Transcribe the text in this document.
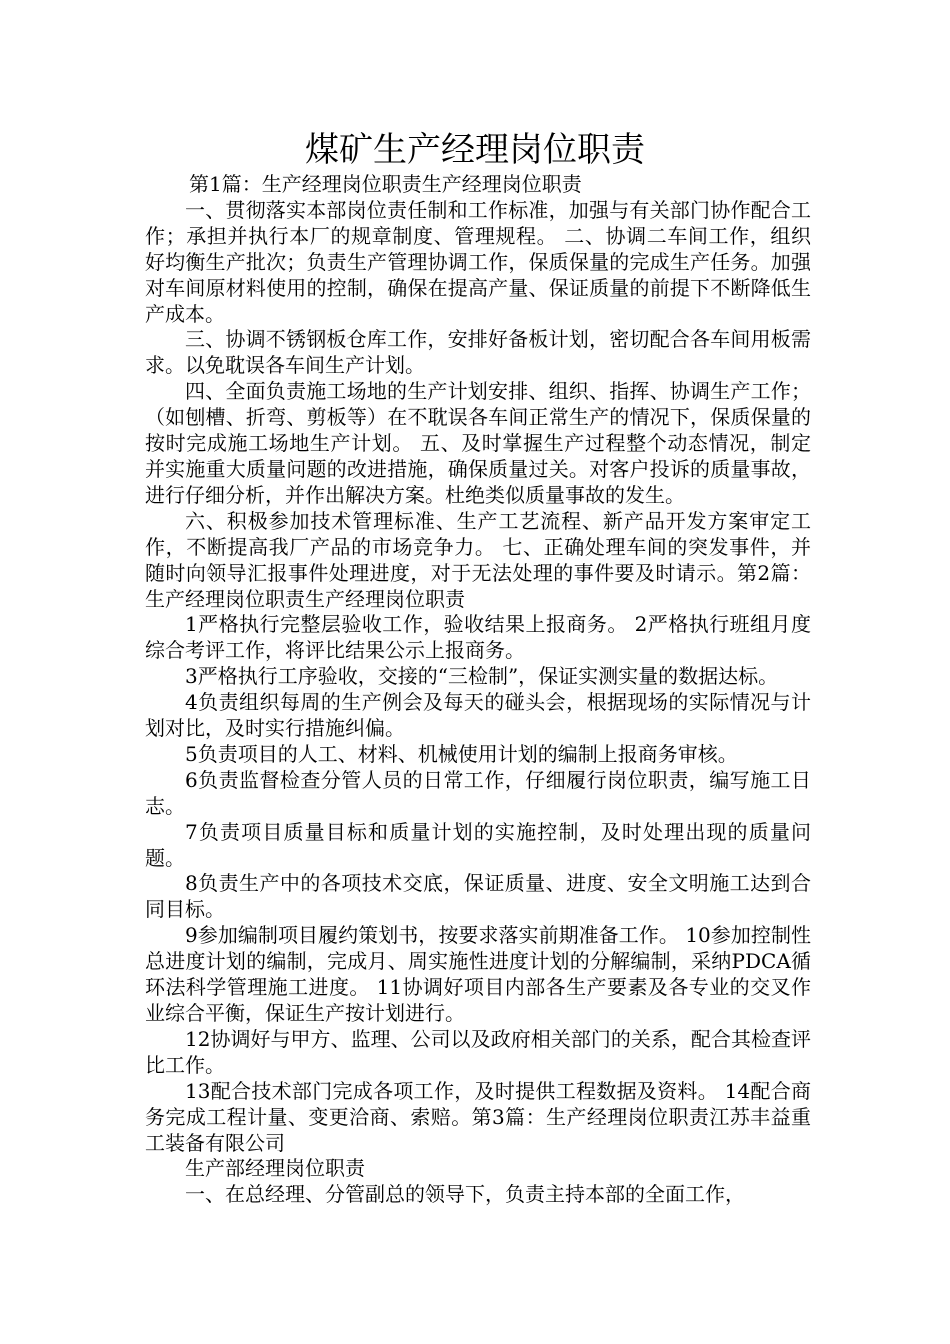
煤矿生产经理岗位职责

第1篇：生产经理岗位职责生产经理岗位职责

一、贯彻落实本部岗位责任制和工作标准，加强与有关部门协作配合工作；承担并执行本厂的规章制度、管理规程。 二、协调二车间工作，组织好均衡生产批次；负责生产管理协调工作，保质保量的完成生产任务。加强对车间原材料使用的控制，确保在提高产量、保证质量的前提下不断降低生产成本。

三、协调不锈钢板仓库工作，安排好备板计划，密切配合各车间用板需求。以免耽误各车间生产计划。

四、全面负责施工场地的生产计划安排、组织、指挥、协调生产工作；（如刨槽、折弯、剪板等）在不耽误各车间正常生产的情况下，保质保量的按时完成施工场地生产计划。 五、及时掌握生产过程整个动态情况，制定并实施重大质量问题的改进措施，确保质量过关。对客户投诉的质量事故，进行仔细分析，并作出解决方案。杜绝类似质量事故的发生。

六、积极参加技术管理标准、生产工艺流程、新产品开发方案审定工作，不断提高我厂产品的市场竞争力。 七、正确处理车间的突发事件，并随时向领导汇报事件处理进度，对于无法处理的事件要及时请示。第2篇：生产经理岗位职责生产经理岗位职责

1严格执行完整层验收工作，验收结果上报商务。 2严格执行班组月度综合考评工作，将评比结果公示上报商务。

3严格执行工序验收，交接的“三检制”，保证实测实量的数据达标。

4负责组织每周的生产例会及每天的碰头会，根据现场的实际情况与计划对比，及时实行措施纠偏。

5负责项目的人工、材料、机械使用计划的编制上报商务审核。

6负责监督检查分管人员的日常工作，仔细履行岗位职责，编写施工日志。

7负责项目质量目标和质量计划的实施控制，及时处理出现的质量问题。

8负责生产中的各项技术交底，保证质量、进度、安全文明施工达到合同目标。

9参加编制项目履约策划书，按要求落实前期准备工作。 10参加控制性总进度计划的编制，完成月、周实施性进度计划的分解编制，采纳PDCA循环法科学管理施工进度。 11协调好项目内部各生产要素及各专业的交叉作业综合平衡，保证生产按计划进行。

12协调好与甲方、监理、公司以及政府相关部门的关系，配合其检查评比工作。

13配合技术部门完成各项工作，及时提供工程数据及资料。 14配合商务完成工程计量、变更洽商、索赔。第3篇：生产经理岗位职责江苏丰益重工装备有限公司

生产部经理岗位职责

一、在总经理、分管副总的领导下，负责主持本部的全面工作，
